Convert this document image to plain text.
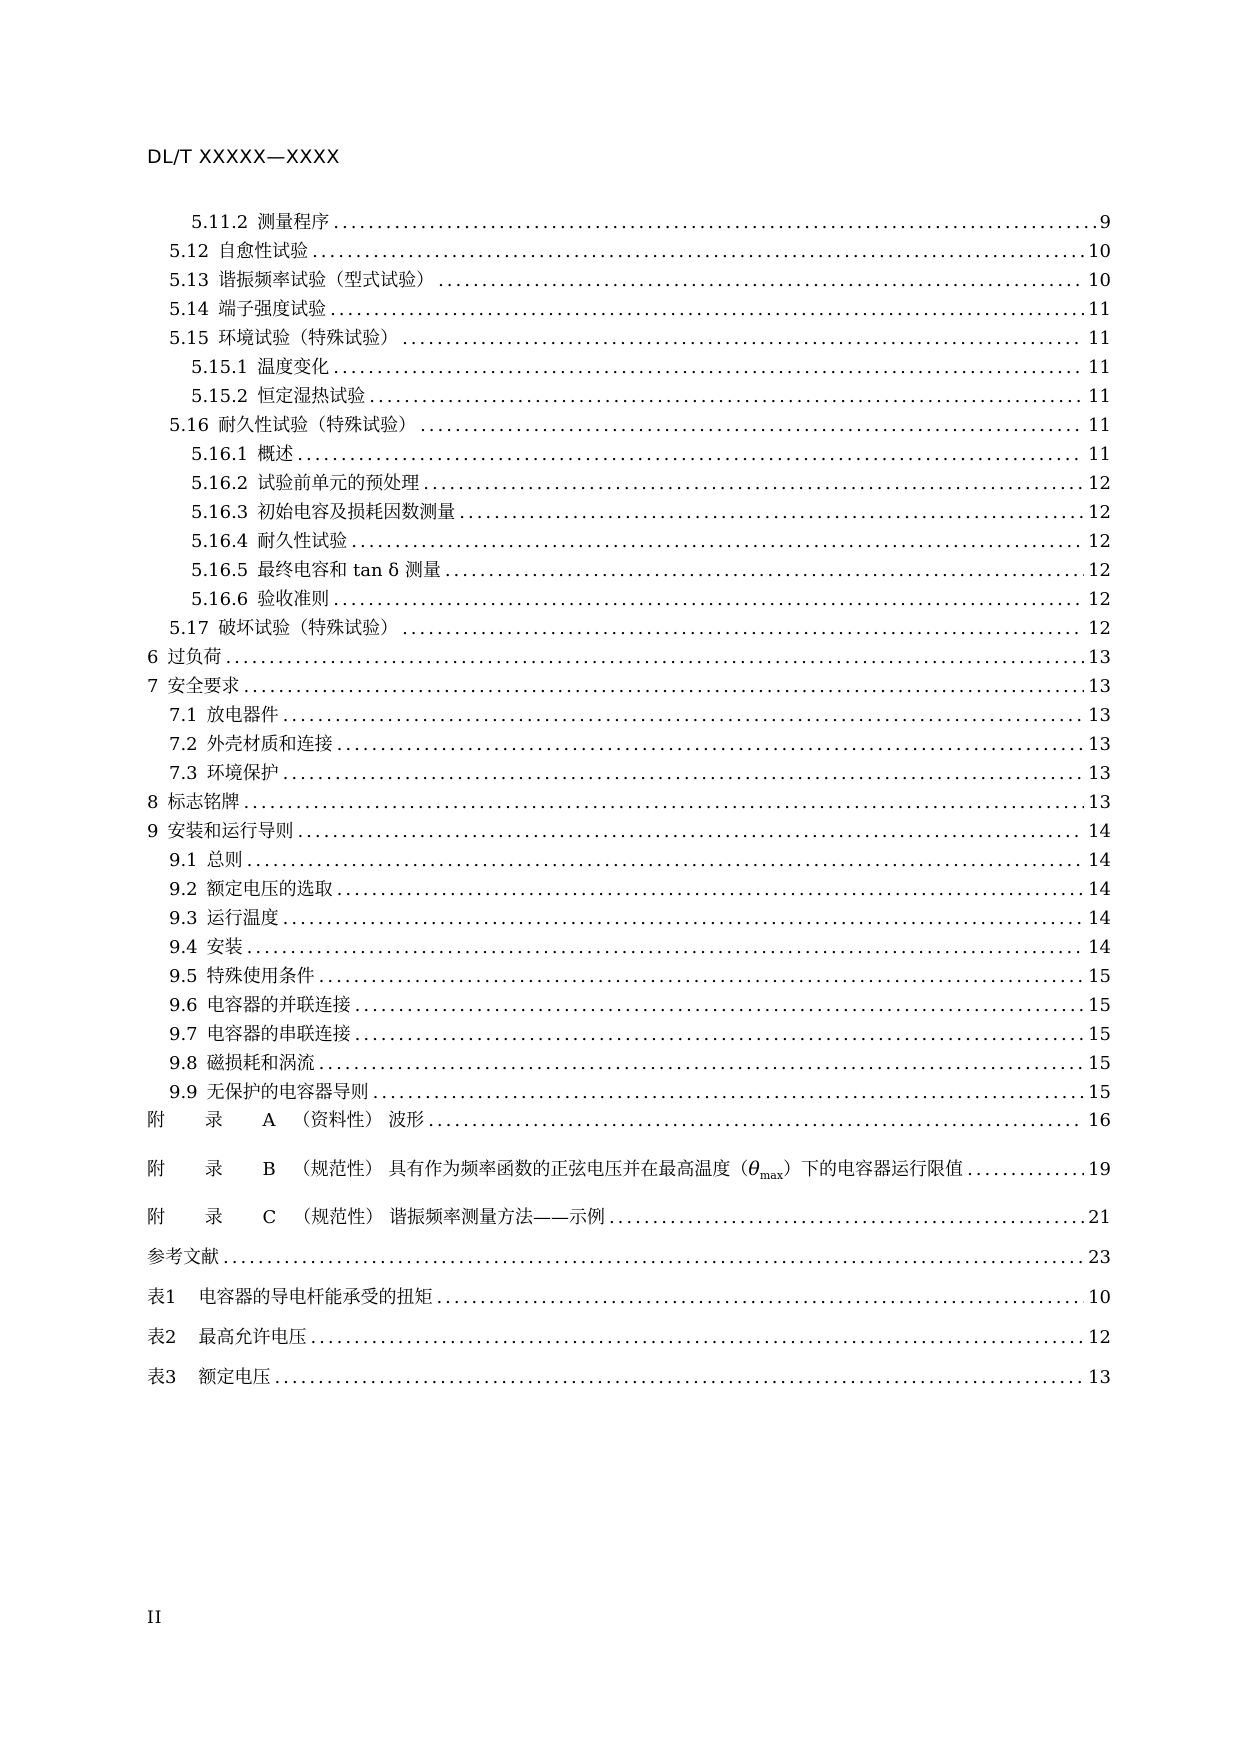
DL/T XXXXX—XXXX
5.11.2 测量程序 .....	9
5.12 自愈性试验 .....	10
5.13 谐振频率试验（型式试验） .....	10
5.14 端子强度试验 .....	11
5.15 环境试验（特殊试验） .....	11
5.15.1 温度变化 .....	11
5.15.2 恒定湿热试验 .....	11
5.16 耐久性试验（特殊试验） .....	11
5.16.1 概述 .....	11
5.16.2 试验前单元的预处理 .....	12
5.16.3 初始电容及损耗因数测量 .....	12
5.16.4 耐久性试验 .....	12
5.16.5 最终电容和 tan δ 测量 .....	12
5.16.6 验收准则 .....	12
5.17 破坏试验（特殊试验） .....	12
6 过负荷 .....	13
7 安全要求 .....	13
7.1 放电器件 .....	13
7.2 外壳材质和连接 .....	13
7.3 环境保护 .....	13
8 标志铭牌 .....	13
9 安装和运行导则 .....	14
9.1 总则 .....	14
9.2 额定电压的选取 .....	14
9.3 运行温度 .....	14
9.4 安装 .....	14
9.5 特殊使用条件 .....	15
9.6 电容器的并联连接 .....	15
9.7 电容器的串联连接 .....	15
9.8 磁损耗和涡流 .....	15
9.9 无保护的电容器导则 .....	15
附 录 A（资料性） 波形 .....	16
附 录 B（规范性） 具有作为频率函数的正弦电压并在最高温度$(\theta_{max})$下的电容器运行限值 .....	19
附 录 C（规范性） 谐振频率测量方法——示例 .....	21
参考文献 .....	23
表1 电容器的导电杆能承受的扭矩 .....	10
表2 最高允许电压 .....	12
表3 额定电压 .....	13
II
